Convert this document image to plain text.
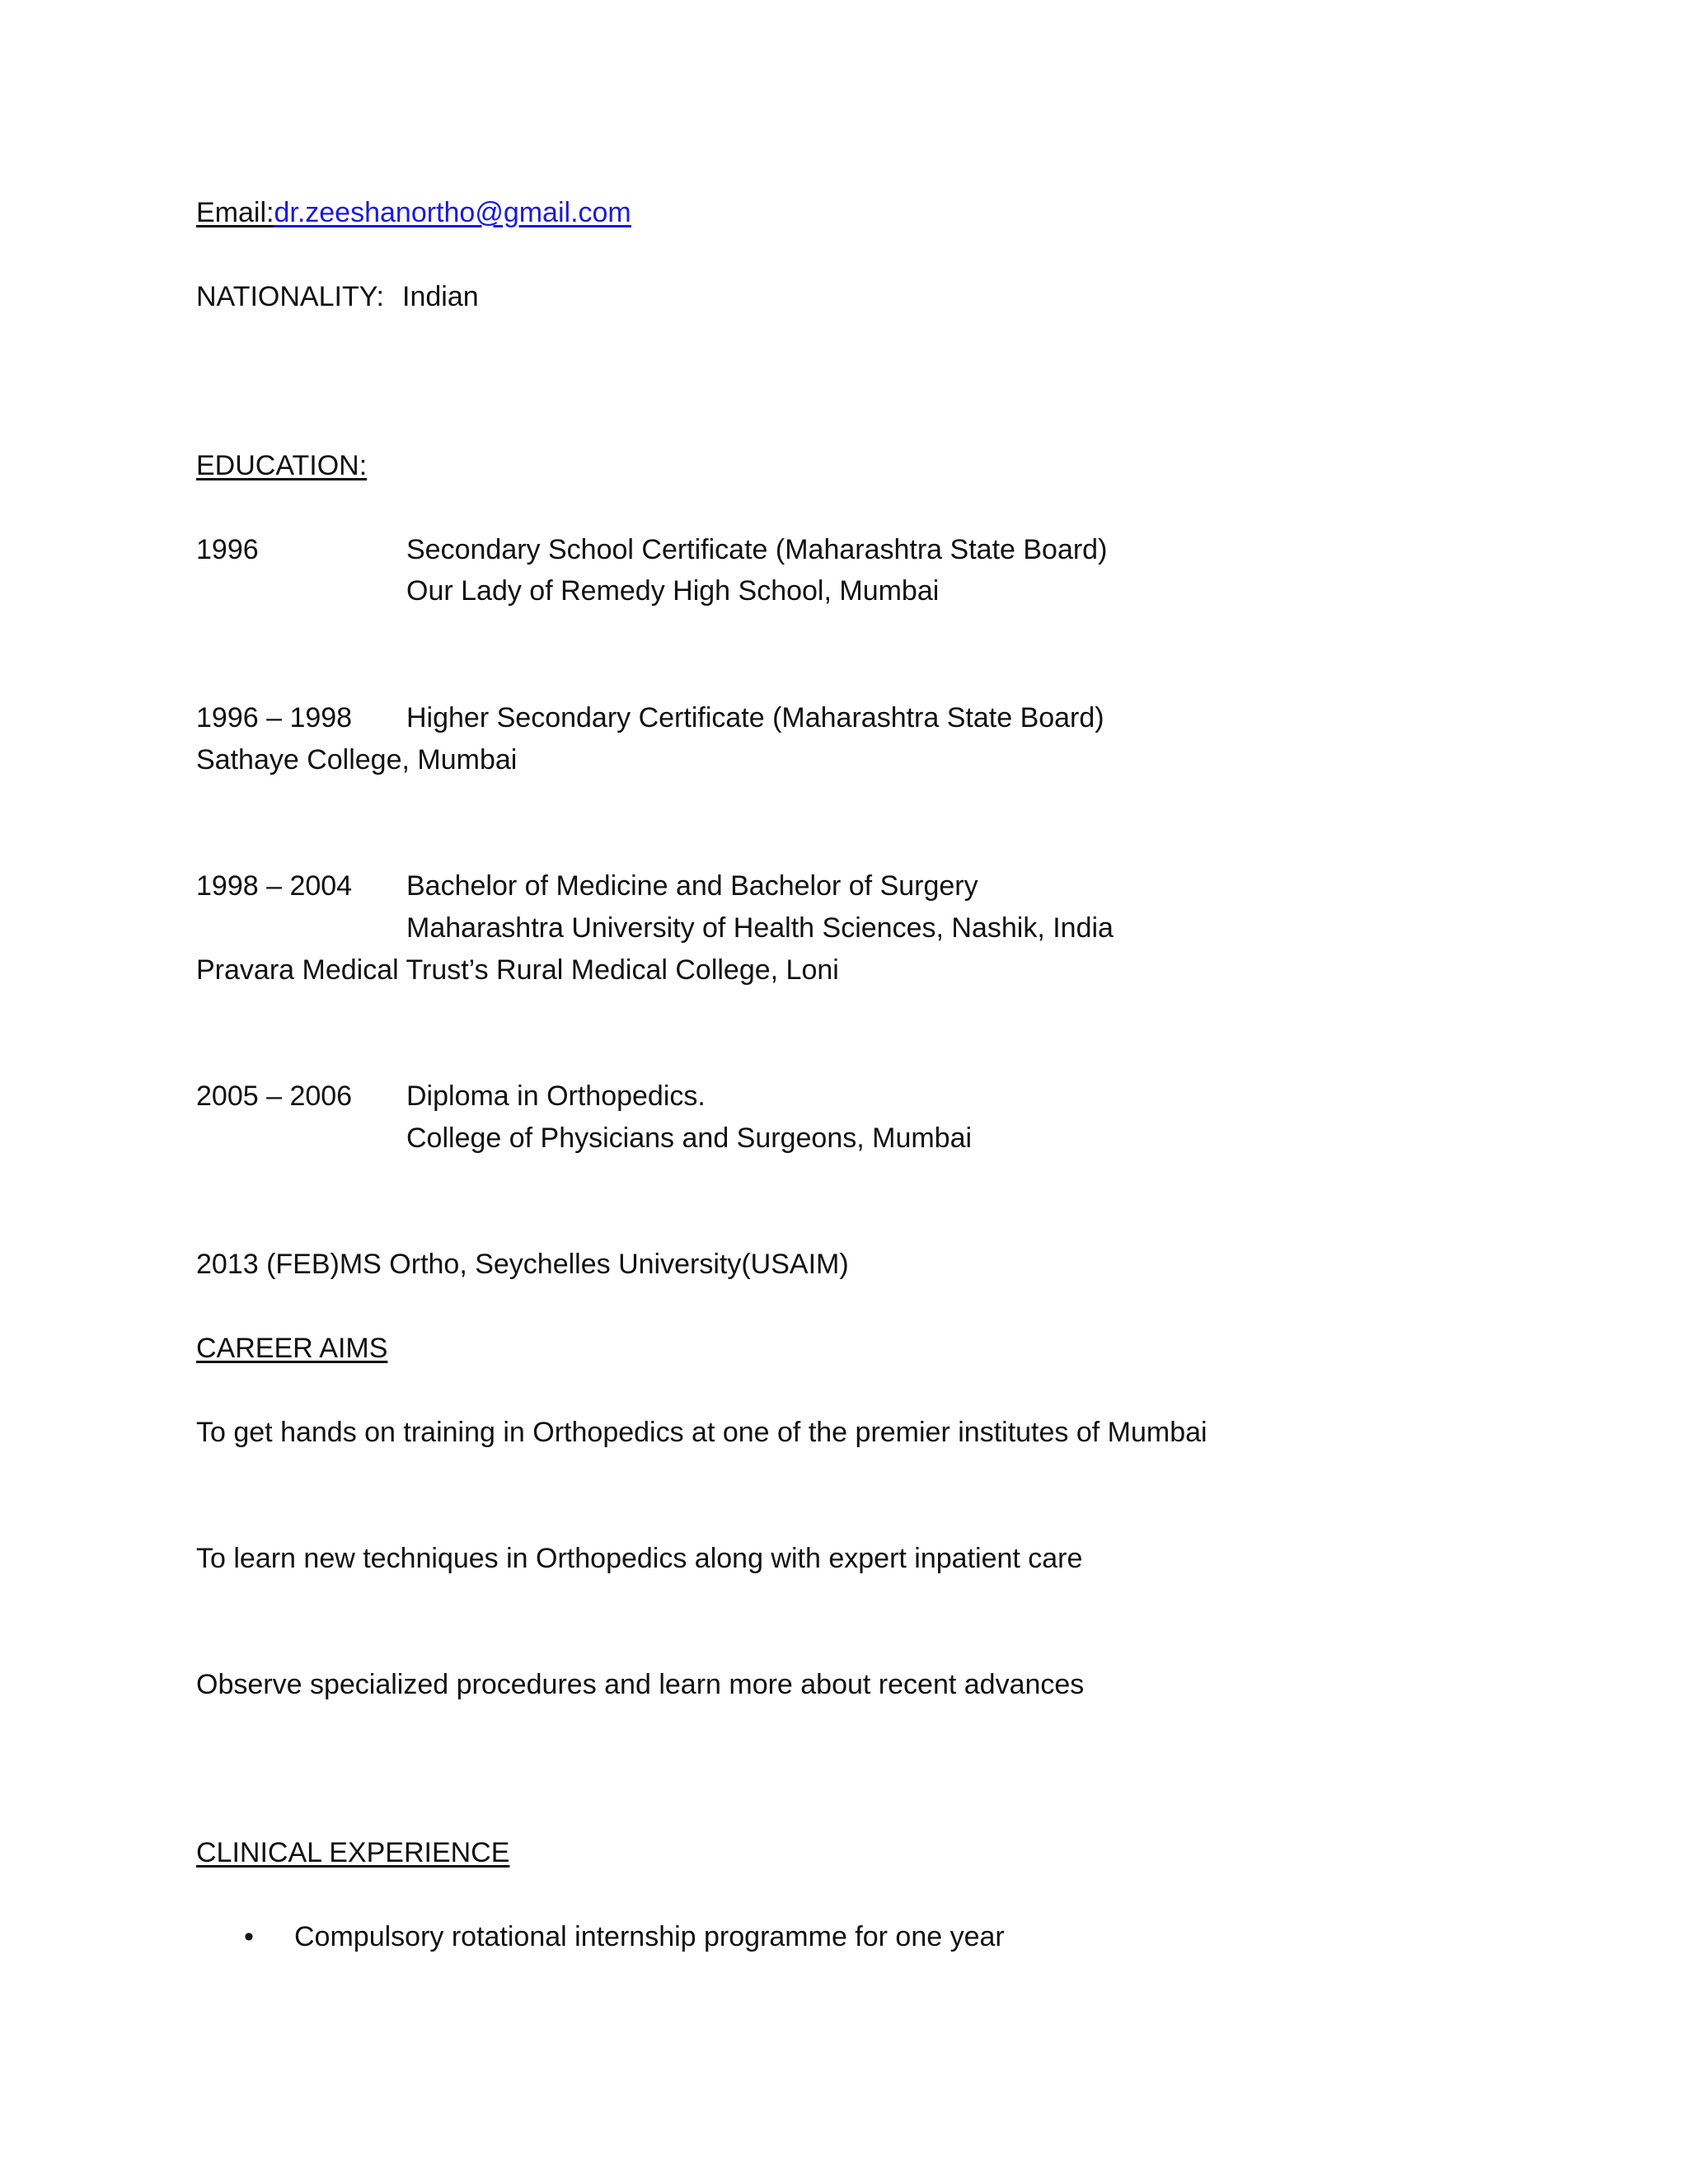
Email:dr.zeeshanortho@gmail.com
NATIONALITY: Indian
EDUCATION:
1996	Secondary School Certificate (Maharashtra State Board)
Our Lady of Remedy High School, Mumbai
1996 – 1998 Higher Secondary Certificate (Maharashtra State Board)
Sathaye College, Mumbai
1998 – 2004 Bachelor of Medicine and Bachelor of Surgery
Maharashtra University of Health Sciences, Nashik, India
Pravara Medical Trust’s Rural Medical College, Loni
2005 – 2006 Diploma in Orthopedics.
College of Physicians and Surgeons, Mumbai
2013 (FEB)MS Ortho, Seychelles University(USAIM)
CAREER AIMS
To get hands on training in Orthopedics at one of the premier institutes of Mumbai
To learn new techniques in Orthopedics along with expert inpatient care
Observe specialized procedures and learn more about recent advances
CLINICAL EXPERIENCE
• Compulsory rotational internship programme for one year
